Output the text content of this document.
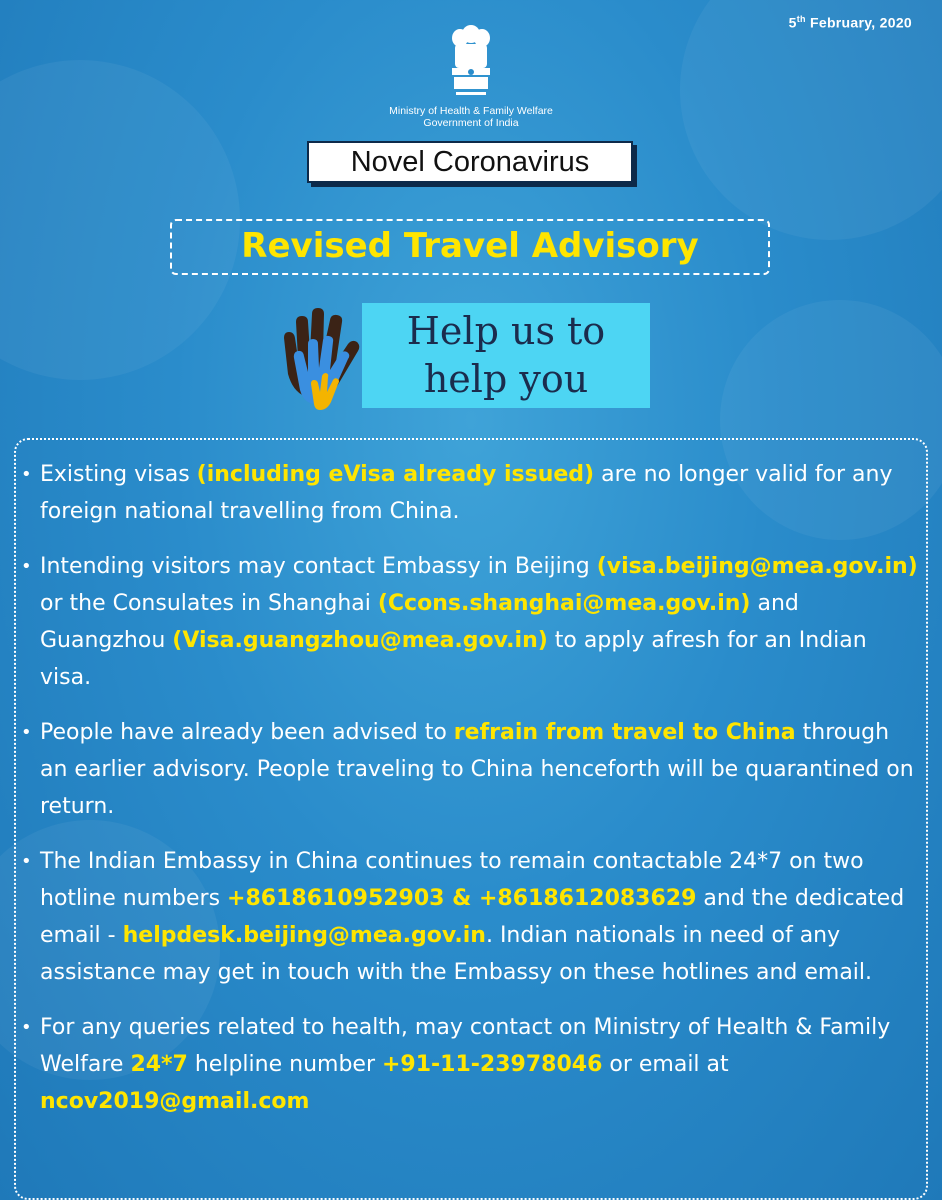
5th February, 2020
Ministry of Health & Family Welfare
Government of India
Novel Coronavirus
Revised Travel Advisory
Help us to
help you
• Existing visas (including eVisa already issued) are no longer valid for any foreign national travelling from China.
• Intending visitors may contact Embassy in Beijing (visa.beijing@mea.gov.in) or the Consulates in Shanghai (Ccons.shanghai@mea.gov.in) and Guangzhou (Visa.guangzhou@mea.gov.in) to apply afresh for an Indian visa.
• People have already been advised to refrain from travel to China through an earlier advisory. People traveling to China henceforth will be quarantined on return.
• The Indian Embassy in China continues to remain contactable 24*7 on two hotline numbers +8618610952903 & +8618612083629 and the dedicated email - helpdesk.beijing@mea.gov.in. Indian nationals in need of any assistance may get in touch with the Embassy on these hotlines and email.
• For any queries related to health, may contact on Ministry of Health & Family Welfare 24*7 helpline number +91-11-23978046 or email at ncov2019@gmail.com
